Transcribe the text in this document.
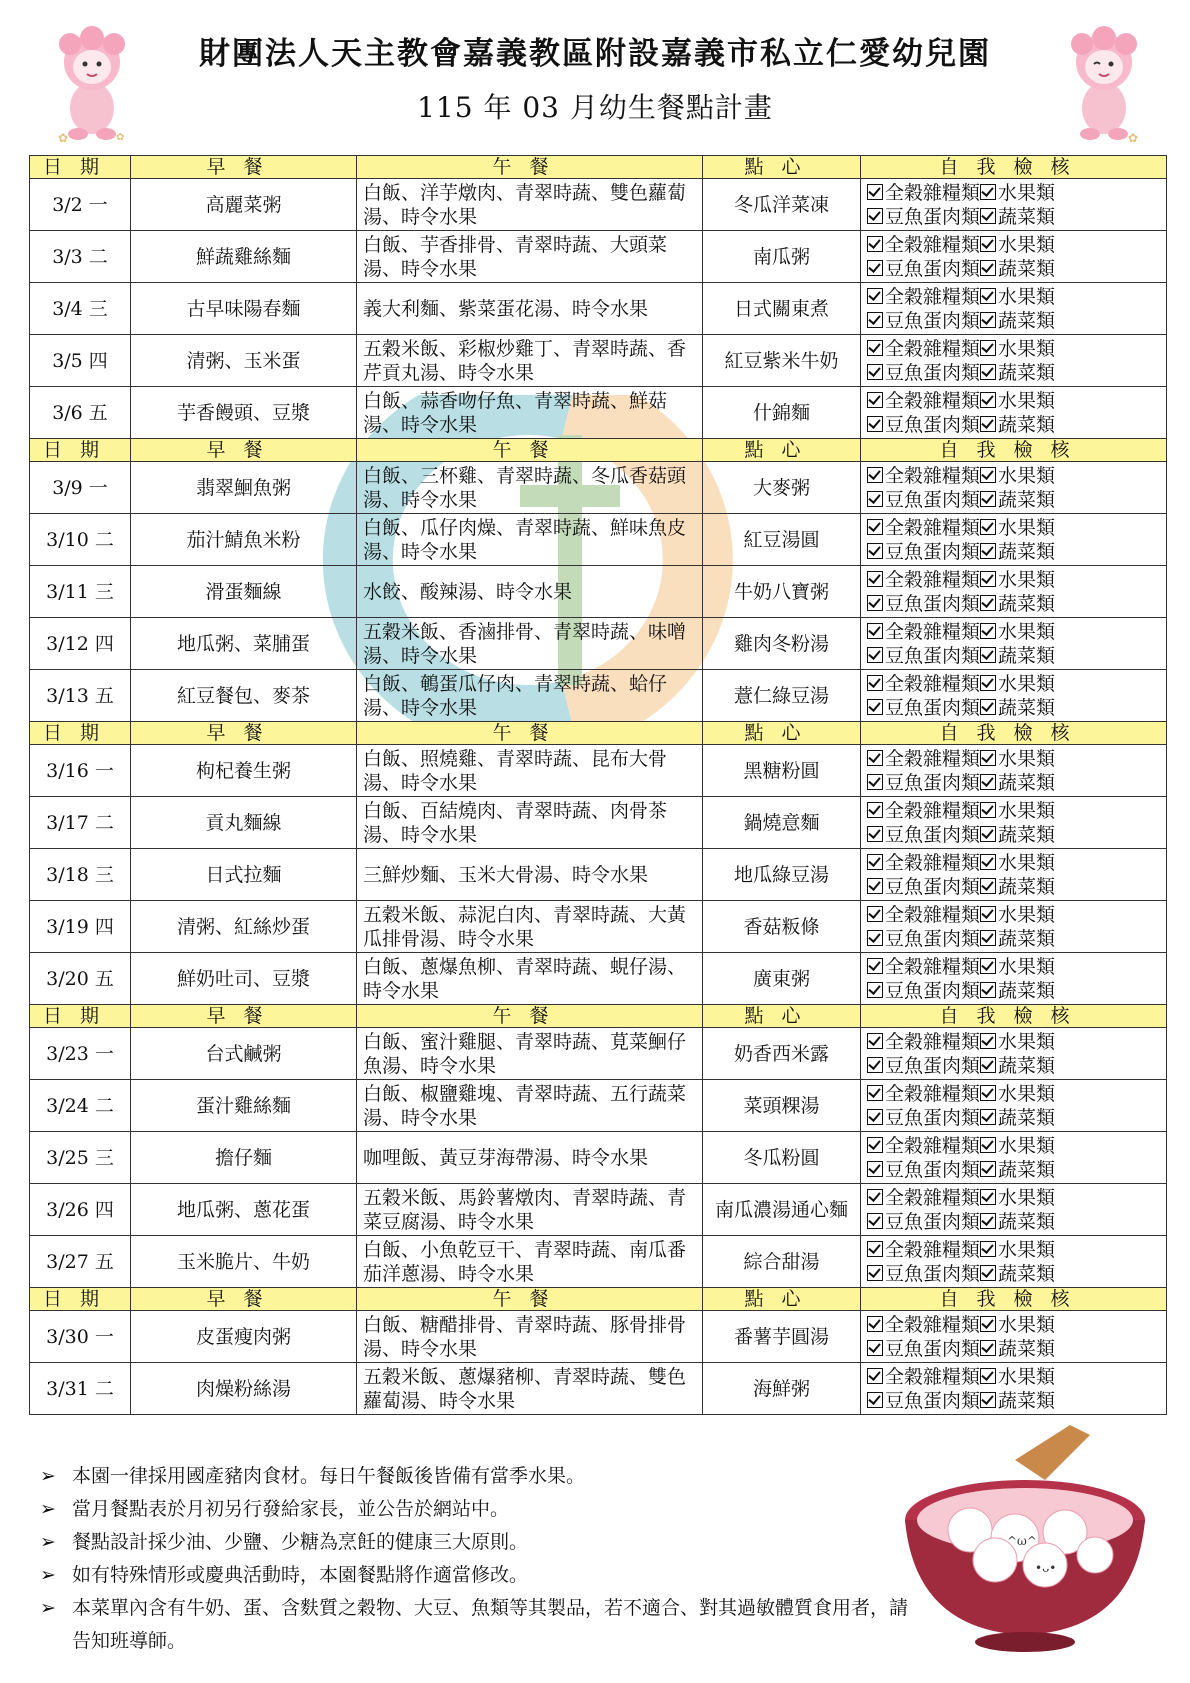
✿	✿	✿
財團法人天主教會嘉義教區附設嘉義市私立仁愛幼兒園
115 年 03 月幼生餐點計畫
日期	早餐	午餐	點心	自我檢核
3/2 一	高麗菜粥	白飯、洋芋燉肉、青翠時蔬、雙色蘿蔔湯、時令水果	冬瓜洋菜凍	全穀雜糧類 水果類
豆魚蛋肉類 蔬菜類
3/3 二	鮮蔬雞絲麵	白飯、芋香排骨、青翠時蔬、大頭菜湯、時令水果	南瓜粥	全穀雜糧類 水果類
豆魚蛋肉類 蔬菜類
3/4 三	古早味陽春麵	義大利麵、紫菜蛋花湯、時令水果	日式關東煮	全穀雜糧類 水果類
豆魚蛋肉類 蔬菜類
3/5 四	清粥、玉米蛋	五穀米飯、彩椒炒雞丁、青翠時蔬、香芹貢丸湯、時令水果	紅豆紫米牛奶	全穀雜糧類 水果類
豆魚蛋肉類 蔬菜類
3/6 五	芋香饅頭、豆漿	白飯、蒜香吻仔魚、青翠時蔬、鮮菇湯、時令水果	什錦麵	全穀雜糧類 水果類
豆魚蛋肉類 蔬菜類
日期	早餐	午餐	點心	自我檢核
3/9 一	翡翠鮰魚粥	白飯、三杯雞、青翠時蔬、冬瓜香菇頭湯、時令水果	大麥粥	全穀雜糧類 水果類
豆魚蛋肉類 蔬菜類
3/10 二	茄汁鯖魚米粉	白飯、瓜仔肉燥、青翠時蔬、鮮味魚皮湯、時令水果	紅豆湯圓	全穀雜糧類 水果類
豆魚蛋肉類 蔬菜類
3/11 三	滑蛋麵線	水餃、酸辣湯、時令水果	牛奶八寶粥	全穀雜糧類 水果類
豆魚蛋肉類 蔬菜類
3/12 四	地瓜粥、菜脯蛋	五穀米飯、香滷排骨、青翠時蔬、味噌湯、時令水果	雞肉冬粉湯	全穀雜糧類 水果類
豆魚蛋肉類 蔬菜類
3/13 五	紅豆餐包、麥茶	白飯、鵪蛋瓜仔肉、青翠時蔬、蛤仔湯、時令水果	薏仁綠豆湯	全穀雜糧類 水果類
豆魚蛋肉類 蔬菜類
日期	早餐	午餐	點心	自我檢核
3/16 一	枸杞養生粥	白飯、照燒雞、青翠時蔬、昆布大骨湯、時令水果	黑糖粉圓	全穀雜糧類 水果類
豆魚蛋肉類 蔬菜類
3/17 二	貢丸麵線	白飯、百結燒肉、青翠時蔬、肉骨茶湯、時令水果	鍋燒意麵	全穀雜糧類 水果類
豆魚蛋肉類 蔬菜類
3/18 三	日式拉麵	三鮮炒麵、玉米大骨湯、時令水果	地瓜綠豆湯	全穀雜糧類 水果類
豆魚蛋肉類 蔬菜類
3/19 四	清粥、紅絲炒蛋	五穀米飯、蒜泥白肉、青翠時蔬、大黃瓜排骨湯、時令水果	香菇粄條	全穀雜糧類 水果類
豆魚蛋肉類 蔬菜類
3/20 五	鮮奶吐司、豆漿	白飯、蔥爆魚柳、青翠時蔬、蜆仔湯、時令水果	廣東粥	全穀雜糧類 水果類
豆魚蛋肉類 蔬菜類
日期	早餐	午餐	點心	自我檢核
3/23 一	台式鹹粥	白飯、蜜汁雞腿、青翠時蔬、莧菜鮰仔魚湯、時令水果	奶香西米露	全穀雜糧類 水果類
豆魚蛋肉類 蔬菜類
3/24 二	蛋汁雞絲麵	白飯、椒鹽雞塊、青翠時蔬、五行蔬菜湯、時令水果	菜頭粿湯	全穀雜糧類 水果類
豆魚蛋肉類 蔬菜類
3/25 三	擔仔麵	咖哩飯、黃豆芽海帶湯、時令水果	冬瓜粉圓	全穀雜糧類 水果類
豆魚蛋肉類 蔬菜類
3/26 四	地瓜粥、蔥花蛋	五穀米飯、馬鈴薯燉肉、青翠時蔬、青菜豆腐湯、時令水果	南瓜濃湯通心麵	全穀雜糧類 水果類
豆魚蛋肉類 蔬菜類
3/27 五	玉米脆片、牛奶	白飯、小魚乾豆干、青翠時蔬、南瓜番茄洋蔥湯、時令水果	綜合甜湯	全穀雜糧類 水果類
豆魚蛋肉類 蔬菜類
日期	早餐	午餐	點心	自我檢核
3/30 一	皮蛋瘦肉粥	白飯、糖醋排骨、青翠時蔬、豚骨排骨湯、時令水果	番薯芋圓湯	全穀雜糧類 水果類
豆魚蛋肉類 蔬菜類
3/31 二	肉燥粉絲湯	五穀米飯、蔥爆豬柳、青翠時蔬、雙色蘿蔔湯、時令水果	海鮮粥	全穀雜糧類 水果類
豆魚蛋肉類 蔬菜類
➢ 本園一律採用國產豬肉食材。每日午餐飯後皆備有當季水果。
➢ 當月餐點表於月初另行發給家長，並公告於網站中。
➢ 餐點設計採少油、少鹽、少糖為烹飪的健康三大原則。
➢ 如有特殊情形或慶典活動時，本園餐點將作適當修改。
➢ 本菜單內含有牛奶、蛋、含麩質之穀物、大豆、魚類等其製品，若不適合、對其過敏體質食用者，請告知班導師。
^ω^
•ᴗ•
